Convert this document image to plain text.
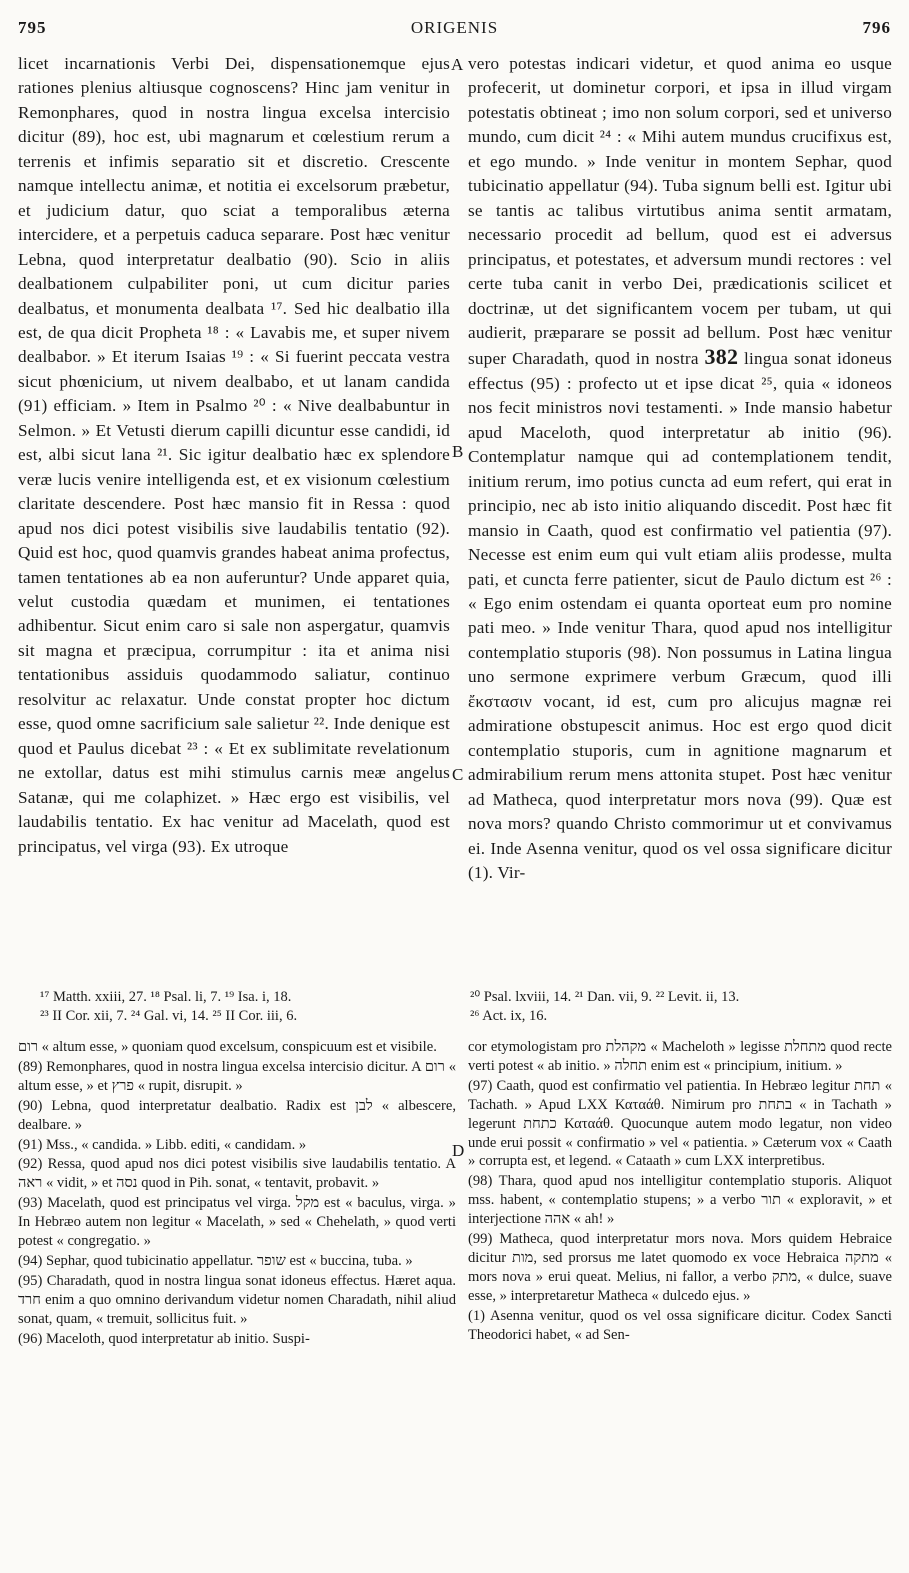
795	ORIGENIS	796

licet incarnationis Verbi Dei, dispensationemque ejus rationes plenius altiusque cognoscens? Hinc jam venitur in Remonphares, quod in nostra lingua excelsa intercisio dicitur (89), hoc est, ubi magnarum et cœlestium rerum a terrenis et infimis separatio sit et discretio. Crescente namque intellectu animæ, et notitia ei excelsorum præbetur, et judicium datur, quo sciat a temporalibus æterna intercidere, et a perpetuis caduca separare. Post hæc venitur Lebna, quod interpretatur dealbatio (90). Scio in aliis dealbationem culpabiliter poni, ut cum dicitur paries dealbatus, et monumenta dealbata ¹⁷. Sed hic dealbatio illa est, de qua dicit Propheta ¹⁸ : « Lavabis me, et super nivem dealbabor. » Et iterum Isaias ¹⁹ : « Si fuerint peccata vestra sicut phœnicium, ut nivem dealbabo, et ut lanam candida (91) efficiam. » Item in Psalmo ²⁰ : « Nive dealbabuntur in Selmon. » Et Vetusti dierum capilli dicuntur esse candidi, id est, albi sicut lana ²¹. Sic igitur dealbatio hæc ex splendore veræ lucis venire intelligenda est, et ex visionum cœlestium claritate descendere. Post hæc mansio fit in Ressa : quod apud nos dici potest visibilis sive laudabilis tentatio (92). Quid est hoc, quod quamvis grandes habeat anima profectus, tamen tentationes ab ea non auferuntur? Unde apparet quia, velut custodia quædam et munimen, ei tentationes adhibentur. Sicut enim caro si sale non aspergatur, quamvis sit magna et præcipua, corrumpitur : ita et anima nisi tentationibus assiduis quodammodo saliatur, continuo resolvitur ac relaxatur. Unde constat propter hoc dictum esse, quod omne sacrificium sale salietur ²². Inde denique est quod et Paulus dicebat ²³ : « Et ex sublimitate revelationum ne extollar, datus est mihi stimulus carnis meæ angelus Satanæ, qui me colaphizet. » Hæc ergo est visibilis, vel laudabilis tentatio. Ex hac venitur ad Macelath, quod est principatus, vel virga (93). Ex utroque

A
B
C
D

vero potestas indicari videtur, et quod anima eo usque profecerit, ut dominetur corpori, et ipsa in illud virgam potestatis obtineat ; imo non solum corpori, sed et universo mundo, cum dicit ²⁴ : « Mihi autem mundus crucifixus est, et ego mundo. » Inde venitur in montem Sephar, quod tubicinatio appellatur (94). Tuba signum belli est. Igitur ubi se tantis ac talibus virtutibus anima sentit armatam, necessario procedit ad bellum, quod est ei adversus principatus, et potestates, et adversum mundi rectores : vel certe tuba canit in verbo Dei, prædicationis scilicet et doctrinæ, ut det significantem vocem per tubam, ut qui audierit, præparare se possit ad bellum. Post hæc venitur super Charadath, quod in nostra 382 lingua sonat idoneus effectus (95) : profecto ut et ipse dicat ²⁵, quia « idoneos nos fecit ministros novi testamenti. » Inde mansio habetur apud Maceloth, quod interpretatur ab initio (96). Contemplatur namque qui ad contemplationem tendit, initium rerum, imo potius cuncta ad eum refert, qui erat in principio, nec ab isto initio aliquando discedit. Post hæc fit mansio in Caath, quod est confirmatio vel patientia (97). Necesse est enim eum qui vult etiam aliis prodesse, multa pati, et cuncta ferre patienter, sicut de Paulo dictum est ²⁶ : « Ego enim ostendam ei quanta oporteat eum pro nomine pati meo. » Inde venitur Thara, quod apud nos intelligitur contemplatio stuporis (98). Non possumus in Latina lingua uno sermone exprimere verbum Græcum, quod illi ἔκστασιν vocant, id est, cum pro alicujus magnæ rei admiratione obstupescit animus. Hoc est ergo quod dicit contemplatio stuporis, cum in agnitione magnarum et admirabilium rerum mens attonita stupet. Post hæc venitur ad Matheca, quod interpretatur mors nova (99). Quæ est nova mors? quando Christo commorimur ut et convivamus ei. Inde Asenna venitur, quod os vel ossa significare dicitur (1). Vir-

¹⁷ Matth. xxiii, 27. ¹⁸ Psal. li, 7. ¹⁹ Isa. i, 18.
²³ II Cor. xii, 7. ²⁴ Gal. vi, 14. ²⁵ II Cor. iii, 6.
²⁰ Psal. lxviii, 14. ²¹ Dan. vii, 9. ²² Levit. ii, 13.
²⁶ Act. ix, 16.

רום « altum esse, » quoniam quod excelsum, conspicuum est et visibile.

(89) Remonphares, quod in nostra lingua excelsa intercisio dicitur. A רום « altum esse, » et פרץ « rupit, disrupit. »

(90) Lebna, quod interpretatur dealbatio. Radix est לבן « albescere, dealbare. »

(91) Mss., « candida. » Libb. editi, « candidam. »

(92) Ressa, quod apud nos dici potest visibilis sive laudabilis tentatio. A ראה « vidit, » et נסה quod in Pih. sonat, « tentavit, probavit. »

(93) Macelath, quod est principatus vel virga. מקל est « baculus, virga. » In Hebræo autem non legitur « Macelath, » sed « Chehelath, » quod verti potest « congregatio. »

(94) Sephar, quod tubicinatio appellatur. שופר est « buccina, tuba. »

(95) Charadath, quod in nostra lingua sonat idoneus effectus. Hæret aqua. חרד enim a quo omnino derivandum videtur nomen Charadath, nihil aliud sonat, quam, « tremuit, sollicitus fuit. »

(96) Maceloth, quod interpretatur ab initio. Suspi-

cor etymologistam pro מקהלת « Macheloth » legisse מתחלת quod recte verti potest « ab initio. » תחלה enim est « principium, initium. »

(97) Caath, quod est confirmatio vel patientia. In Hebræo legitur תחת « Tachath. » Apud LXX Καταάθ. Nimirum pro בתחת « in Tachath » legerunt כתחת Καταάθ. Quocunque autem modo legatur, non video unde erui possit « confirmatio » vel « patientia. » Cæterum vox « Caath » corrupta est, et legend. « Cataath » cum LXX interpretibus.

(98) Thara, quod apud nos intelligitur contemplatio stuporis. Aliquot mss. habent, « contemplatio stupens; » a verbo תור « exploravit, » et interjectione אהה « ah! »

(99) Matheca, quod interpretatur mors nova. Mors quidem Hebraice dicitur מות, sed prorsus me latet quomodo ex voce Hebraica מתקה « mors nova » erui queat. Melius, ni fallor, a verbo מתק, « dulce, suave esse, » interpretaretur Matheca « dulcedo ejus. »

(1) Asenna venitur, quod os vel ossa significare dicitur. Codex Sancti Theodorici habet, « ad Sen-
